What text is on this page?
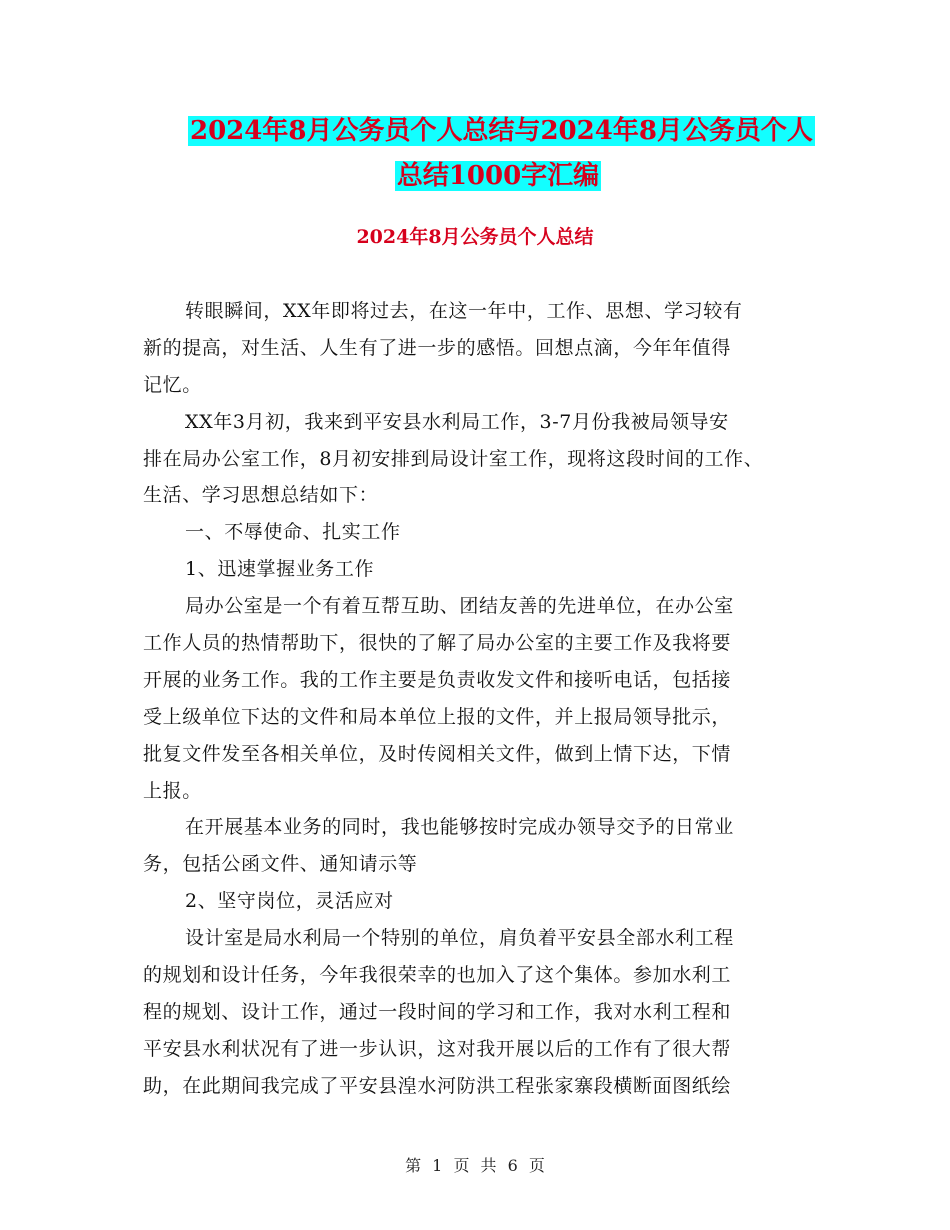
2024年8月公务员个人总结与2024年8月公务员个人
总结1000字汇编
2024年8月公务员个人总结
转眼瞬间，XX年即将过去，在这一年中，工作、思想、学习较有
新的提高，对生活、人生有了进一步的感悟。回想点滴，今年年值得
记忆。
XX年3月初，我来到平安县水利局工作，3-7月份我被局领导安
排在局办公室工作，8月初安排到局设计室工作，现将这段时间的工作、
生活、学习思想总结如下：
一、不辱使命、扎实工作
1、迅速掌握业务工作
局办公室是一个有着互帮互助、团结友善的先进单位，在办公室
工作人员的热情帮助下，很快的了解了局办公室的主要工作及我将要
开展的业务工作。我的工作主要是负责收发文件和接听电话，包括接
受上级单位下达的文件和局本单位上报的文件，并上报局领导批示，
批复文件发至各相关单位，及时传阅相关文件，做到上情下达，下情
上报。
在开展基本业务的同时，我也能够按时完成办领导交予的日常业
务，包括公函文件、通知请示等
2、坚守岗位，灵活应对
设计室是局水利局一个特别的单位，肩负着平安县全部水利工程
的规划和设计任务，今年我很荣幸的也加入了这个集体。参加水利工
程的规划、设计工作，通过一段时间的学习和工作，我对水利工程和
平安县水利状况有了进一步认识，这对我开展以后的工作有了很大帮
助，在此期间我完成了平安县湟水河防洪工程张家寨段横断面图纸绘
第 1 页 共 6 页
